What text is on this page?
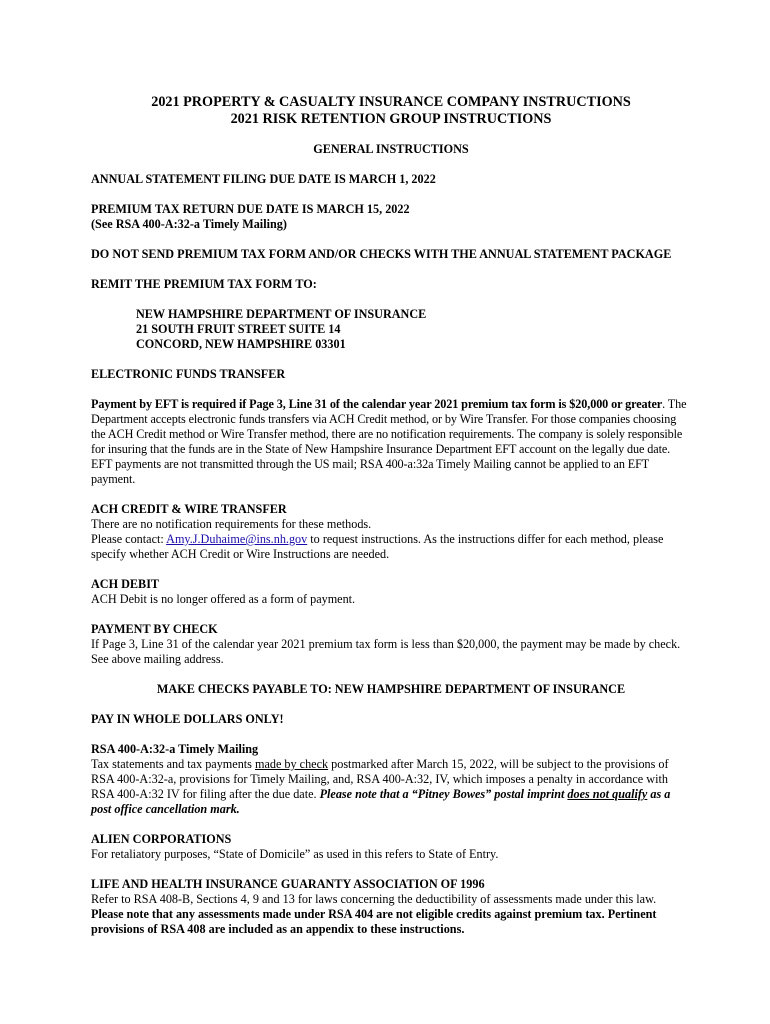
2021 PROPERTY & CASUALTY INSURANCE COMPANY INSTRUCTIONS

2021 RISK RETENTION GROUP INSTRUCTIONS

GENERAL INSTRUCTIONS

ANNUAL STATEMENT FILING DUE DATE IS MARCH 1, 2022

PREMIUM TAX RETURN DUE DATE IS MARCH 15, 2022

(See RSA 400-A:32-a Timely Mailing)

DO NOT SEND PREMIUM TAX FORM AND/OR CHECKS WITH THE ANNUAL STATEMENT PACKAGE

REMIT THE PREMIUM TAX FORM TO:

NEW HAMPSHIRE DEPARTMENT OF INSURANCE

21 SOUTH FRUIT STREET SUITE 14

CONCORD, NEW HAMPSHIRE 03301

ELECTRONIC FUNDS TRANSFER

Payment by EFT is required if Page 3, Line 31 of the calendar year 2021 premium tax form is $20,000 or greater. The Department accepts electronic funds transfers via ACH Credit method, or by Wire Transfer. For those companies choosing the ACH Credit method or Wire Transfer method, there are no notification requirements. The company is solely responsible for insuring that the funds are in the State of New Hampshire Insurance Department EFT account on the legally due date. EFT payments are not transmitted through the US mail; RSA 400-a:32a Timely Mailing cannot be applied to an EFT payment.

ACH CREDIT & WIRE TRANSFER

There are no notification requirements for these methods.

Please contact: Amy.J.Duhaime@ins.nh.gov to request instructions. As the instructions differ for each method, please specify whether ACH Credit or Wire Instructions are needed.

ACH DEBIT

ACH Debit is no longer offered as a form of payment.

PAYMENT BY CHECK

If Page 3, Line 31 of the calendar year 2021 premium tax form is less than $20,000, the payment may be made by check. See above mailing address.

MAKE CHECKS PAYABLE TO: NEW HAMPSHIRE DEPARTMENT OF INSURANCE

PAY IN WHOLE DOLLARS ONLY!

RSA 400-A:32-a Timely Mailing

Tax statements and tax payments made by check postmarked after March 15, 2022, will be subject to the provisions of RSA 400-A:32-a, provisions for Timely Mailing, and, RSA 400-A:32, IV, which imposes a penalty in accordance with RSA 400-A:32 IV for filing after the due date. Please note that a “Pitney Bowes” postal imprint does not qualify as a post office cancellation mark.

ALIEN CORPORATIONS

For retaliatory purposes, “State of Domicile” as used in this refers to State of Entry.

LIFE AND HEALTH INSURANCE GUARANTY ASSOCIATION OF 1996

Refer to RSA 408-B, Sections 4, 9 and 13 for laws concerning the deductibility of assessments made under this law.

Please note that any assessments made under RSA 404 are not eligible credits against premium tax. Pertinent provisions of RSA 408 are included as an appendix to these instructions.
